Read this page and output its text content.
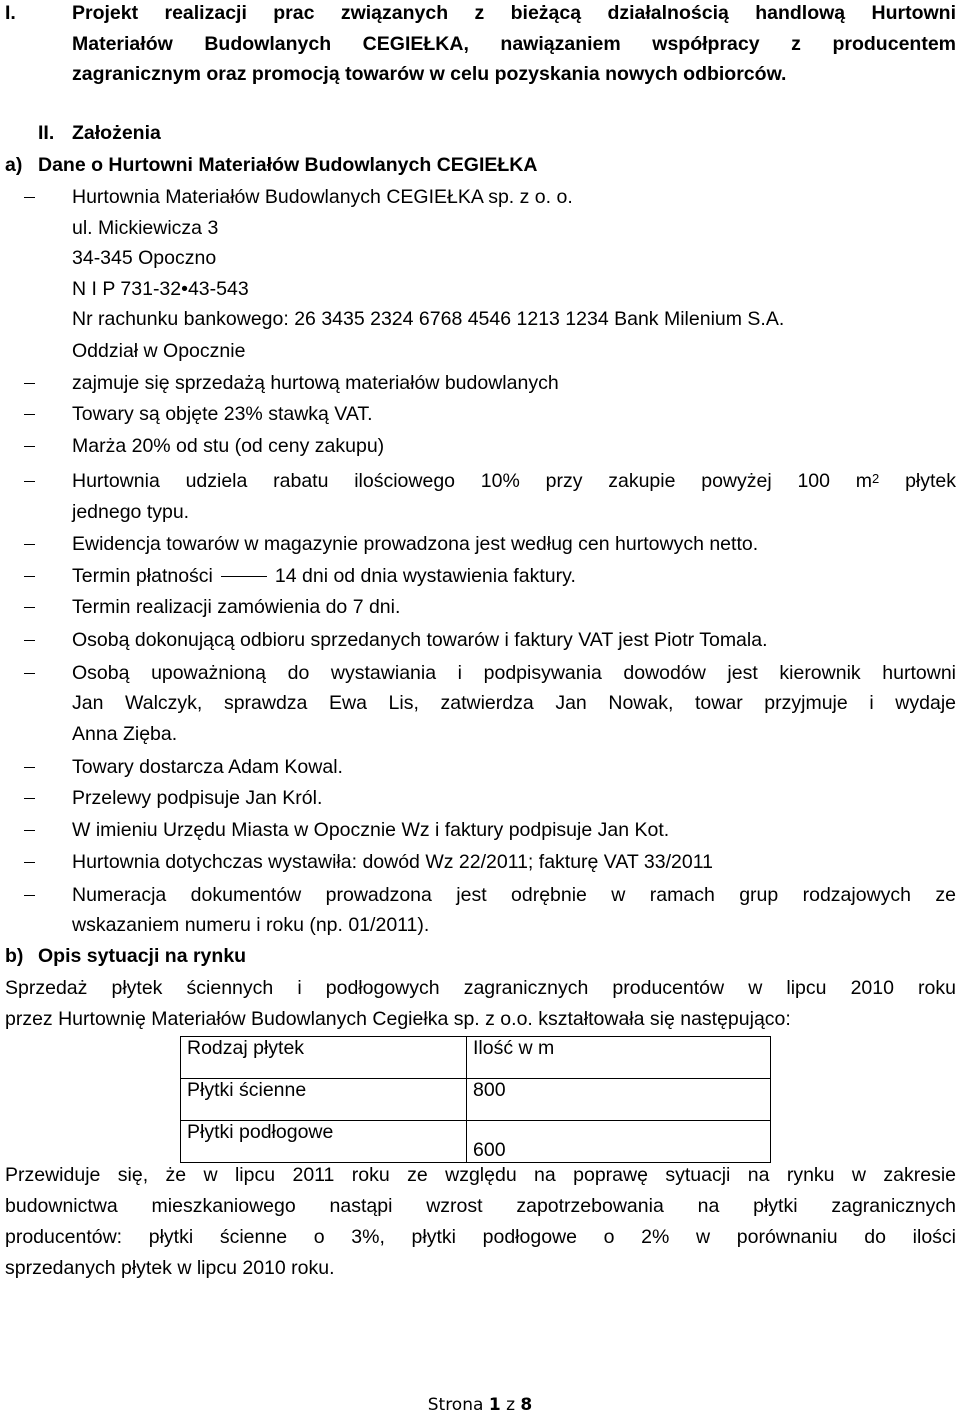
I.	Projekt realizacji prac związanych z bieżącą działalnością handlową Hurtowni
Materiałów Budowlanych CEGIEŁKA, nawiązaniem współpracy z producentem
zagranicznym oraz promocją towarów w celu pozyskania nowych odbiorców.
II. Założenia
a) Dane o Hurtowni Materiałów Budowlanych CEGIEŁKA
Hurtownia Materiałów Budowlanych CEGIEŁKA sp. z o. o.
ul. Mickiewicza 3
34-345 Opoczno
N I P 731-32•43-543
Nr rachunku bankowego: 26 3435 2324 6768 4546 1213 1234 Bank Milenium S.A.
Oddział w Opocznie
zajmuje się sprzedażą hurtową materiałów budowlanych
Towary są objęte 23% stawką VAT.
Marża 20% od stu (od ceny zakupu)
Hurtownia udziela rabatu ilościowego 10% przy zakupie powyżej 100 $m^2$ płytek
jednego typu.
Ewidencja towarów w magazynie prowadzona jest według cen hurtowych netto.
Termin płatności	14 dni od dnia wystawienia faktury.
Termin realizacji zamówienia do 7 dni.
Osobą dokonującą odbioru sprzedanych towarów i faktury VAT jest Piotr Tomala.
Osobą upoważnioną do wystawiania i podpisywania dowodów jest kierownik hurtowni
Jan Walczyk, sprawdza Ewa Lis, zatwierdza Jan Nowak, towar przyjmuje i wydaje
Anna Zięba.
Towary dostarcza Adam Kowal.
Przelewy podpisuje Jan Król.
W imieniu Urzędu Miasta w Opocznie Wz i faktury podpisuje Jan Kot.
Hurtownia dotychczas wystawiła: dowód Wz 22/2011; fakturę VAT 33/2011
Numeracja dokumentów prowadzona jest odrębnie w ramach grup rodzajowych ze
wskazaniem numeru i roku (np. 01/2011).
b) Opis sytuacji na rynku
Sprzedaż płytek ściennych i podłogowych zagranicznych producentów w lipcu 2010 roku
przez Hurtownię Materiałów Budowlanych Cegiełka sp. z o.o. kształtowała się następująco:
Rodzaj płytek	Ilość w m
Płytki ścienne	800
Płytki podłogowe	600
Przewiduje się, że w lipcu 2011 roku ze względu na poprawę sytuacji na rynku w zakresie
budownictwa mieszkaniowego nastąpi wzrost zapotrzebowania na płytki zagranicznych
producentów: płytki ścienne o 3%, płytki podłogowe o 2% w porównaniu do ilości
sprzedanych płytek w lipcu 2010 roku.
Strona 1 z 8
